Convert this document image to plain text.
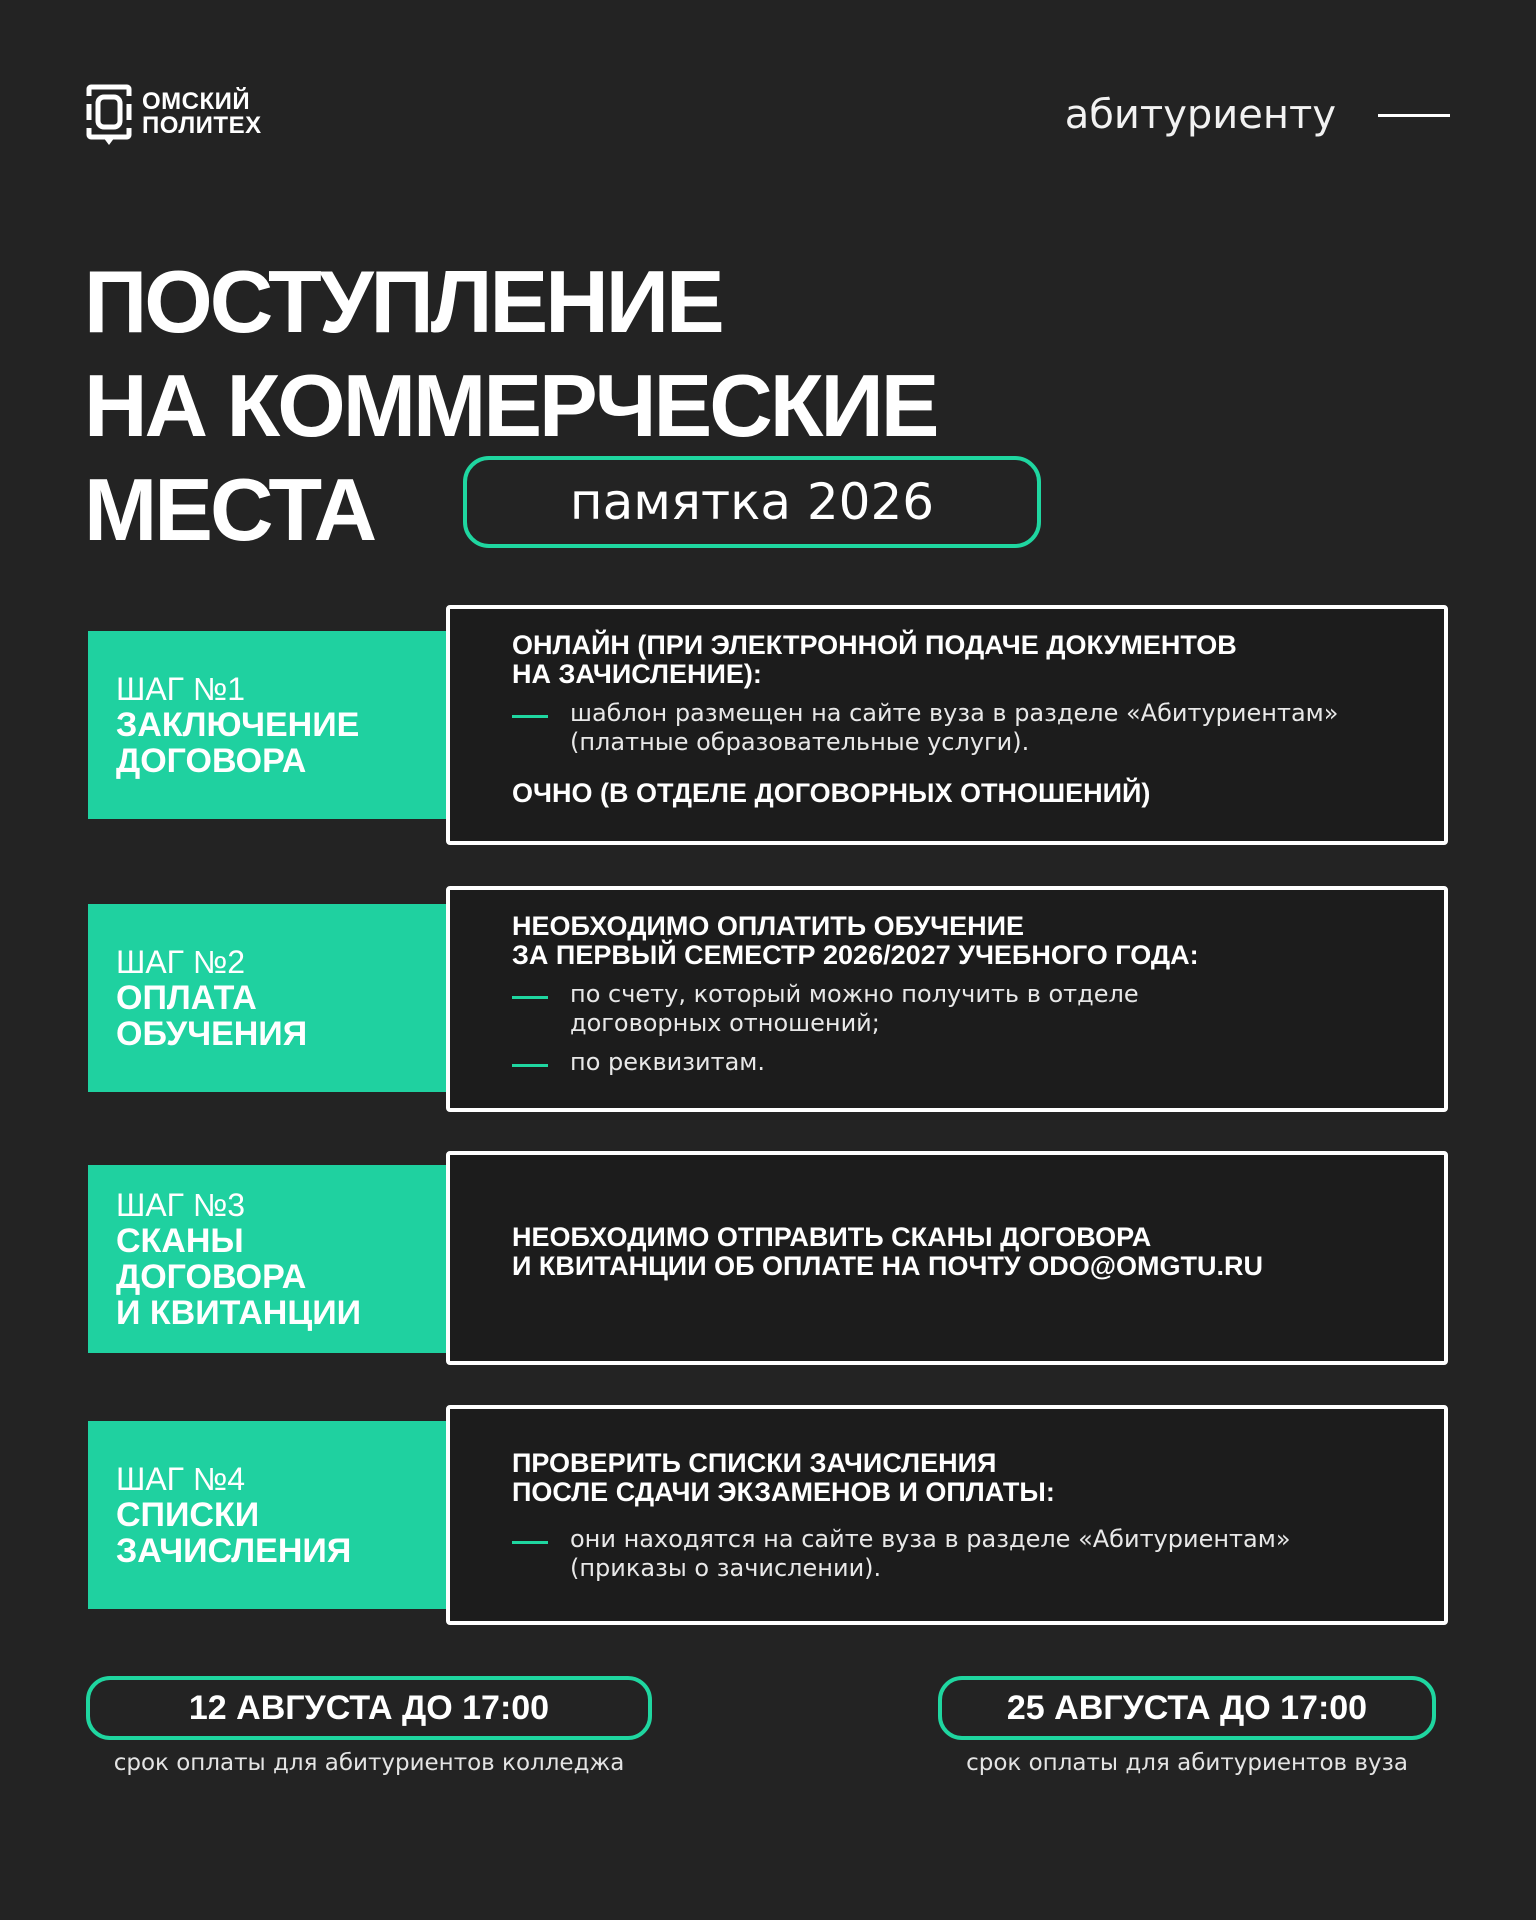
ОМСКИЙ
ПОЛИТЕХ	абитуриенту
ПОСТУПЛЕНИЕ
НА КОММЕРЧЕСКИЕ
МЕСТА	памятка 2026
ШАГ №1
ЗАКЛЮЧЕНИЕ
ДОГОВОРА
ОНЛАЙН (ПРИ ЭЛЕКТРОННОЙ ПОДАЧЕ ДОКУМЕНТОВ
НА ЗАЧИСЛЕНИЕ):
шаблон размещен на сайте вуза в разделе «Абитуриентам»
(платные образовательные услуги).
ОЧНО (В ОТДЕЛЕ ДОГОВОРНЫХ ОТНОШЕНИЙ)
ШАГ №2
ОПЛАТА
ОБУЧЕНИЯ
НЕОБХОДИМО ОПЛАТИТЬ ОБУЧЕНИЕ
ЗА ПЕРВЫЙ СЕМЕСТР 2026/2027 УЧЕБНОГО ГОДА:
по счету, который можно получить в отделе
договорных отношений;
по реквизитам.
ШАГ №3
СКАНЫ
ДОГОВОРА
И КВИТАНЦИИ
НЕОБХОДИМО ОТПРАВИТЬ СКАНЫ ДОГОВОРА
И КВИТАНЦИИ ОБ ОПЛАТЕ НА ПОЧТУ ODO@OMGTU.RU
ШАГ №4
СПИСКИ
ЗАЧИСЛЕНИЯ
ПРОВЕРИТЬ СПИСКИ ЗАЧИСЛЕНИЯ
ПОСЛЕ СДАЧИ ЭКЗАМЕНОВ И ОПЛАТЫ:
они находятся на сайте вуза в разделе «Абитуриентам»
(приказы о зачислении).
12 АВГУСТА ДО 17:00
срок оплаты для абитуриентов колледжа
25 АВГУСТА ДО 17:00
срок оплаты для абитуриентов вуза
